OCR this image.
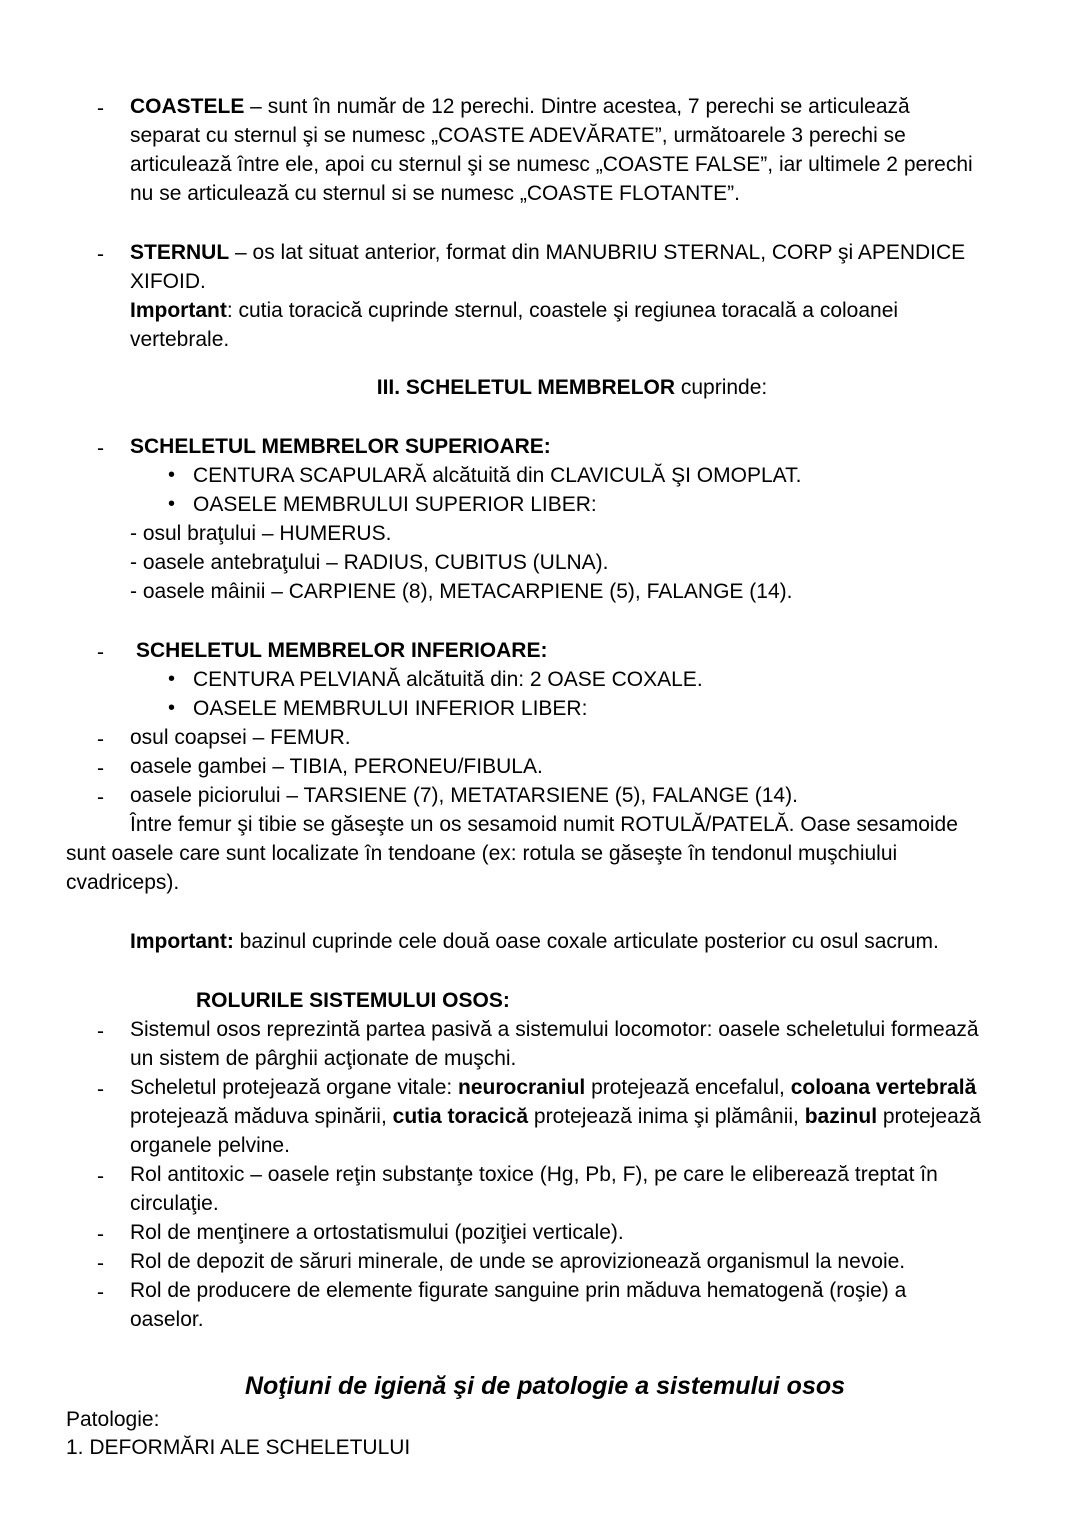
- COASTELE – sunt în număr de 12 perechi. Dintre acestea, 7 perechi se articulează
separat cu sternul şi se numesc „COASTE ADEVĂRATE”, următoarele 3 perechi se
articulează între ele, apoi cu sternul şi se numesc „COASTE FALSE”, iar ultimele 2 perechi
nu se articulează cu sternul si se numesc „COASTE FLOTANTE”.
- STERNUL – os lat situat anterior, format din MANUBRIU STERNAL, CORP şi APENDICE
XIFOID.
Important: cutia toracică cuprinde sternul, coastele şi regiunea toracală a coloanei
vertebrale.
III. SCHELETUL MEMBRELOR cuprinde:
- SCHELETUL MEMBRELOR SUPERIOARE:
• CENTURA SCAPULARĂ alcătuită din CLAVICULĂ ŞI OMOPLAT.
• OASELE MEMBRULUI SUPERIOR LIBER:
- osul braţului – HUMERUS.
- oasele antebraţului – RADIUS, CUBITUS (ULNA).
- oasele mâinii – CARPIENE (8), METACARPIENE (5), FALANGE (14).
- SCHELETUL MEMBRELOR INFERIOARE:
• CENTURA PELVIANĂ alcătuită din: 2 OASE COXALE.
• OASELE MEMBRULUI INFERIOR LIBER:
- osul coapsei – FEMUR.
- oasele gambei – TIBIA, PERONEU/FIBULA.
- oasele piciorului – TARSIENE (7), METATARSIENE (5), FALANGE (14).
Între femur şi tibie se găseşte un os sesamoid numit ROTULĂ/PATELĂ. Oase sesamoide
sunt oasele care sunt localizate în tendoane (ex: rotula se găseşte în tendonul muşchiului
cvadriceps).
Important: bazinul cuprinde cele două oase coxale articulate posterior cu osul sacrum.
ROLURILE SISTEMULUI OSOS:
- Sistemul osos reprezintă partea pasivă a sistemului locomotor: oasele scheletului formează
un sistem de pârghii acţionate de muşchi.
- Scheletul protejează organe vitale: neurocraniul protejează encefalul, coloana vertebrală
protejează măduva spinării, cutia toracică protejează inima şi plămânii, bazinul protejează
organele pelvine.
- Rol antitoxic – oasele reţin substanţe toxice (Hg, Pb, F), pe care le eliberează treptat în
circulaţie.
- Rol de menţinere a ortostatismului (poziţiei verticale).
- Rol de depozit de săruri minerale, de unde se aprovizionează organismul la nevoie.
- Rol de producere de elemente figurate sanguine prin măduva hematogenă (roşie) a
oaselor.
Noţiuni de igienă şi de patologie a sistemului osos
Patologie:
1. DEFORMĂRI ALE SCHELETULUI
